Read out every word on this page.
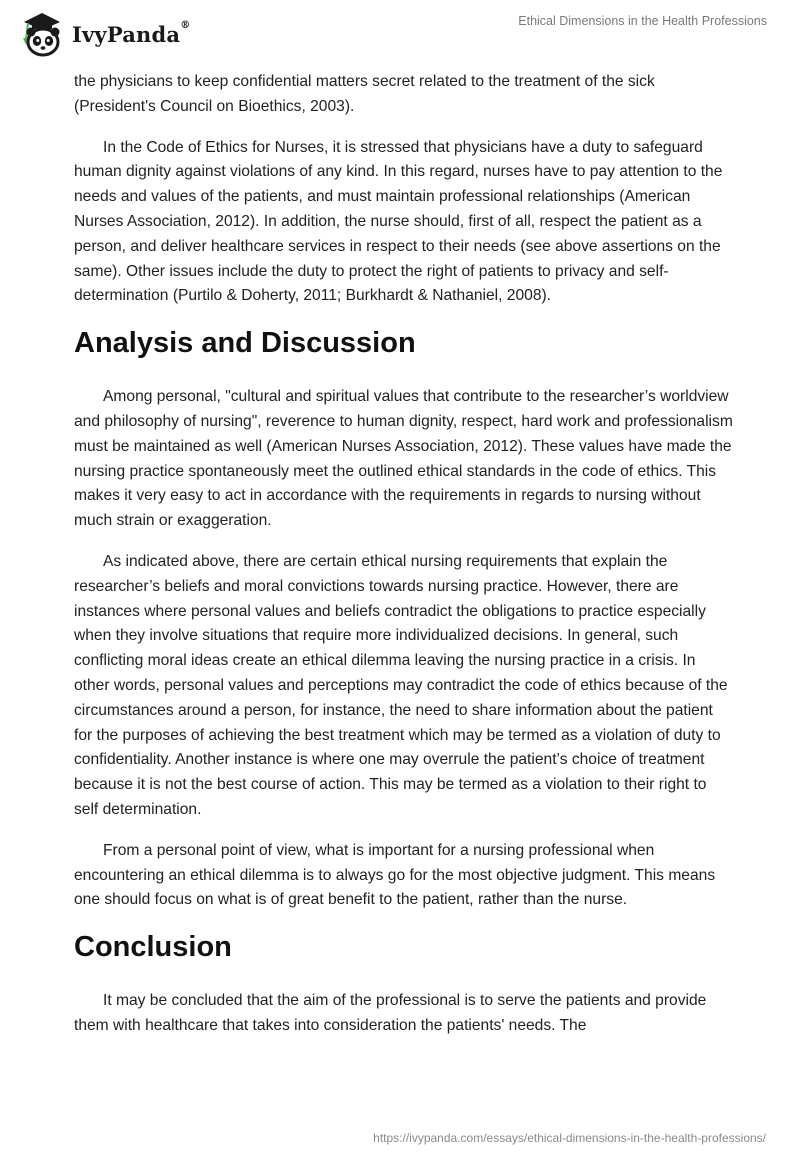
IvyPanda®	Ethical Dimensions in the Health Professions

the physicians to keep confidential matters secret related to the treatment of the sick (President's Council on Bioethics, 2003).

In the Code of Ethics for Nurses, it is stressed that physicians have a duty to safeguard human dignity against violations of any kind. In this regard, nurses have to pay attention to the needs and values of the patients, and must maintain professional relationships (American Nurses Association, 2012). In addition, the nurse should, first of all, respect the patient as a person, and deliver healthcare services in respect to their needs (see above assertions on the same). Other issues include the duty to protect the right of patients to privacy and self-determination (Purtilo & Doherty, 2011; Burkhardt & Nathaniel, 2008).

Analysis and Discussion

Among personal, "cultural and spiritual values that contribute to the researcher’s worldview and philosophy of nursing", reverence to human dignity, respect, hard work and professionalism must be maintained as well (American Nurses Association, 2012). These values have made the nursing practice spontaneously meet the outlined ethical standards in the code of ethics. This makes it very easy to act in accordance with the requirements in regards to nursing without much strain or exaggeration.

As indicated above, there are certain ethical nursing requirements that explain the researcher’s beliefs and moral convictions towards nursing practice. However, there are instances where personal values and beliefs contradict the obligations to practice especially when they involve situations that require more individualized decisions. In general, such conflicting moral ideas create an ethical dilemma leaving the nursing practice in a crisis. In other words, personal values and perceptions may contradict the code of ethics because of the circumstances around a person, for instance, the need to share information about the patient for the purposes of achieving the best treatment which may be termed as a violation of duty to confidentiality. Another instance is where one may overrule the patient’s choice of treatment because it is not the best course of action. This may be termed as a violation to their right to self determination.

From a personal point of view, what is important for a nursing professional when encountering an ethical dilemma is to always go for the most objective judgment. This means one should focus on what is of great benefit to the patient, rather than the nurse.

Conclusion

It may be concluded that the aim of the professional is to serve the patients and provide them with healthcare that takes into consideration the patients' needs. The

https://ivypanda.com/essays/ethical-dimensions-in-the-health-professions/
